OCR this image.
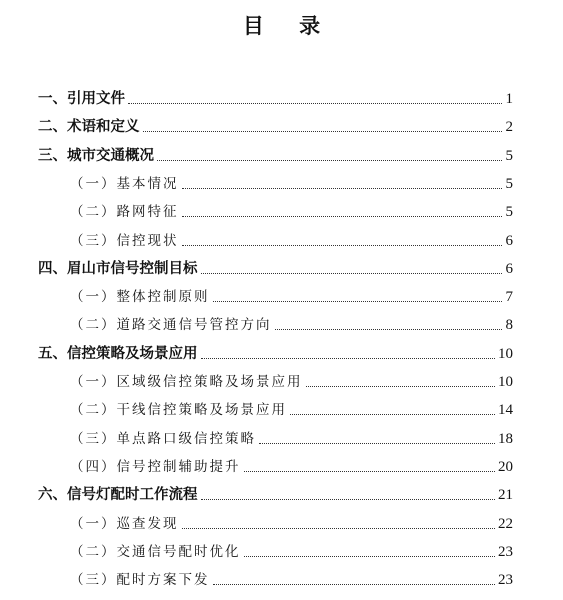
目 录
一、引用文件	1
二、术语和定义	2
三、城市交通概况	5
（一）基本情况	5
（二）路网特征	5
（三）信控现状	6
四、眉山市信号控制目标	6
（一）整体控制原则	7
（二）道路交通信号管控方向	8
五、信控策略及场景应用	10
（一）区域级信控策略及场景应用	10
（二）干线信控策略及场景应用	14
（三）单点路口级信控策略	18
（四）信号控制辅助提升	20
六、信号灯配时工作流程	21
（一）巡查发现	22
（二）交通信号配时优化	23
（三）配时方案下发	23
